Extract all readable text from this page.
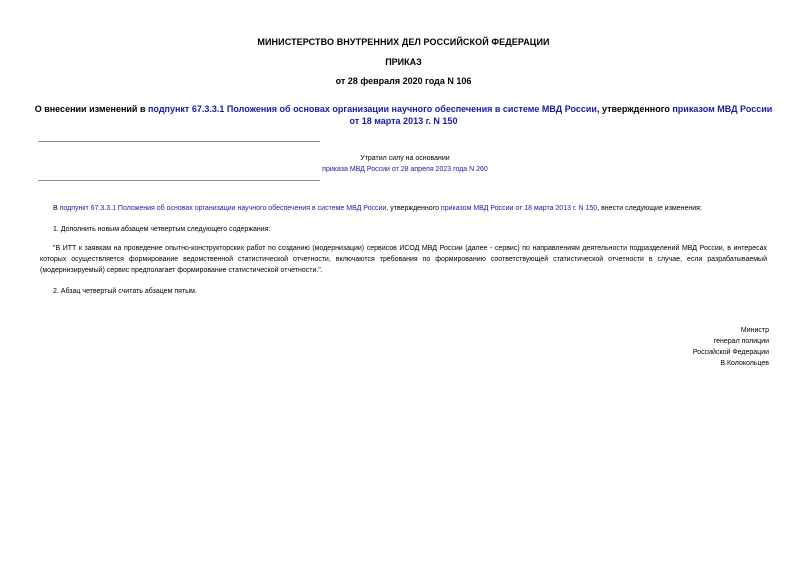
МИНИСТЕРСТВО ВНУТРЕННИХ ДЕЛ РОССИЙСКОЙ ФЕДЕРАЦИИ
ПРИКАЗ
от 28 февраля 2020 года N 106
О внесении изменений в подпункт 67.3.3.1 Положения об основах организации научного обеспечения в системе МВД России, утвержденного приказом МВД России от 18 марта 2013 г. N 150
Утратил силу на основании
приказа МВД России от 28 апреля 2023 года N 260
В подпункт 67.3.3.1 Положения об основах организации научного обеспечения в системе МВД России, утвержденного приказом МВД России от 18 марта 2013 г. N 150, внести следующие изменения:
1. Дополнить новым абзацем четвертым следующего содержания:
"В ИТТ к заявкам на проведение опытно-конструкторских работ по созданию (модернизации) сервисов ИСОД МВД России (далее - сервис) по направлениям деятельности подразделений МВД России, в интересах которых осуществляется формирование ведомственной статистической отчетности, включаются требования по формированию соответствующей статистической отчетности в случае, если разрабатываемый (модернизируемый) сервис предполагает формирование статистической отчетности.".
2. Абзац четвертый считать абзацем пятым.
Министр
генерал полиции
Российской Федерации
В.Колокольцев
